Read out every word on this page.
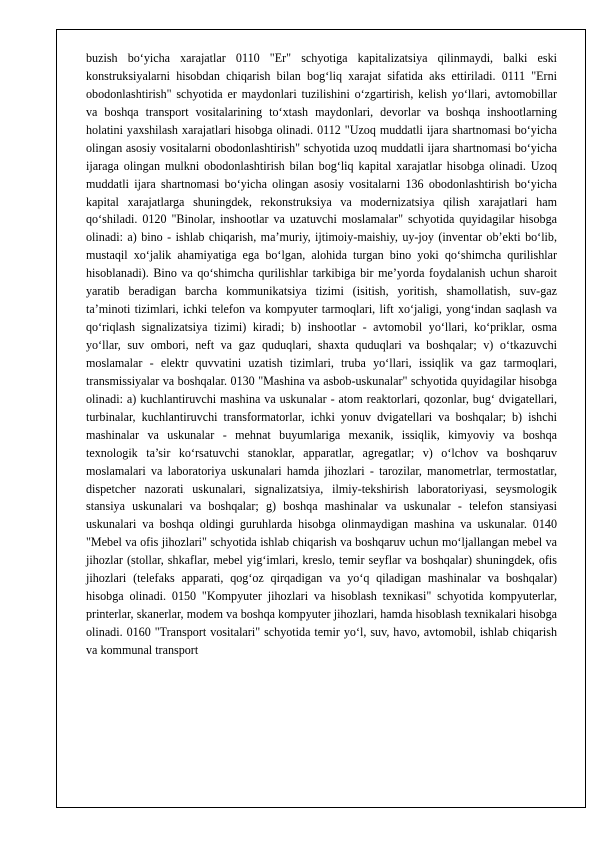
buzish bo‘yicha xarajatlar 0110 "Er" schyotiga kapitalizatsiya qilinmaydi, balki eski konstruksiyalarni hisobdan chiqarish bilan bog‘liq xarajat sifatida aks ettiriladi. 0111 "Erni obodonlashtirish" schyotida er maydonlari tuzilishini o‘zgartirish, kelish yo‘llari, avtomobillar va boshqa transport vositalarining to‘xtash maydonlari, devorlar va boshqa inshootlarning holatini yaxshilash xarajatlari hisobga olinadi. 0112 "Uzoq muddatli ijara shartnomasi bo‘yicha olingan asosiy vositalarni obodonlashtirish" schyotida uzoq muddatli ijara shartnomasi bo‘yicha ijaraga olingan mulkni obodonlashtirish bilan bog‘liq kapital xarajatlar hisobga olinadi. Uzoq muddatli ijara shartnomasi bo‘yicha olingan asosiy vositalarni 136 obodonlashtirish bo‘yicha kapital xarajatlarga shuningdek, rekonstruksiya va modernizatsiya qilish xarajatlari ham qo‘shiladi. 0120 "Binolar, inshootlar va uzatuvchi moslamalar" schyotida quyidagilar hisobga olinadi: a) bino - ishlab chiqarish, ma’muriy, ijtimoiy-maishiy, uy-joy (inventar ob’ekti bo‘lib, mustaqil xo‘jalik ahamiyatiga ega bo‘lgan, alohida turgan bino yoki qo‘shimcha qurilishlar hisoblanadi). Bino va qo‘shimcha qurilishlar tarkibiga bir me’yorda foydalanish uchun sharoit yaratib beradigan barcha kommunikatsiya tizimi (isitish, yoritish, shamollatish, suv-gaz ta’minoti tizimlari, ichki telefon va kompyuter tarmoqlari, lift xo‘jaligi, yong‘indan saqlash va qo‘riqlash signalizatsiya tizimi) kiradi; b) inshootlar - avtomobil yo‘llari, ko‘priklar, osma yo‘llar, suv ombori, neft va gaz quduqlari, shaxta quduqlari va boshqalar; v) o‘tkazuvchi moslamalar - elektr quvvatini uzatish tizimlari, truba yo‘llari, issiqlik va gaz tarmoqlari, transmissiyalar va boshqalar. 0130 "Mashina va asbob-uskunalar" schyotida quyidagilar hisobga olinadi: a) kuchlantiruvchi mashina va uskunalar - atom reaktorlari, qozonlar, bug‘ dvigatellari, turbinalar, kuchlantiruvchi transformatorlar, ichki yonuv dvigatellari va boshqalar; b) ishchi mashinalar va uskunalar - mehnat buyumlariga mexanik, issiqlik, kimyoviy va boshqa texnologik ta’sir ko‘rsatuvchi stanoklar, apparatlar, agregatlar; v) o‘lchov va boshqaruv moslamalari va laboratoriya uskunalari hamda jihozlari - tarozilar, manometrlar, termostatlar, dispetcher nazorati uskunalari, signalizatsiya, ilmiy-tekshirish laboratoriyasi, seysmologik stansiya uskunalari va boshqalar; g) boshqa mashinalar va uskunalar - telefon stansiyasi uskunalari va boshqa oldingi guruhlarda hisobga olinmaydigan mashina va uskunalar. 0140 "Mebel va ofis jihozlari" schyotida ishlab chiqarish va boshqaruv uchun mo‘ljallangan mebel va jihozlar (stollar, shkaflar, mebel yig‘imlari, kreslo, temir seyflar va boshqalar) shuningdek, ofis jihozlari (telefaks apparati, qog‘oz qirqadigan va yo‘q qiladigan mashinalar va boshqalar) hisobga olinadi. 0150 "Kompyuter jihozlari va hisoblash texnikasi" schyotida kompyuterlar, printerlar, skanerlar, modem va boshqa kompyuter jihozlari, hamda hisoblash texnikalari hisobga olinadi. 0160 "Transport vositalari" schyotida temir yo‘l, suv, havo, avtomobil, ishlab chiqarish va kommunal transport
